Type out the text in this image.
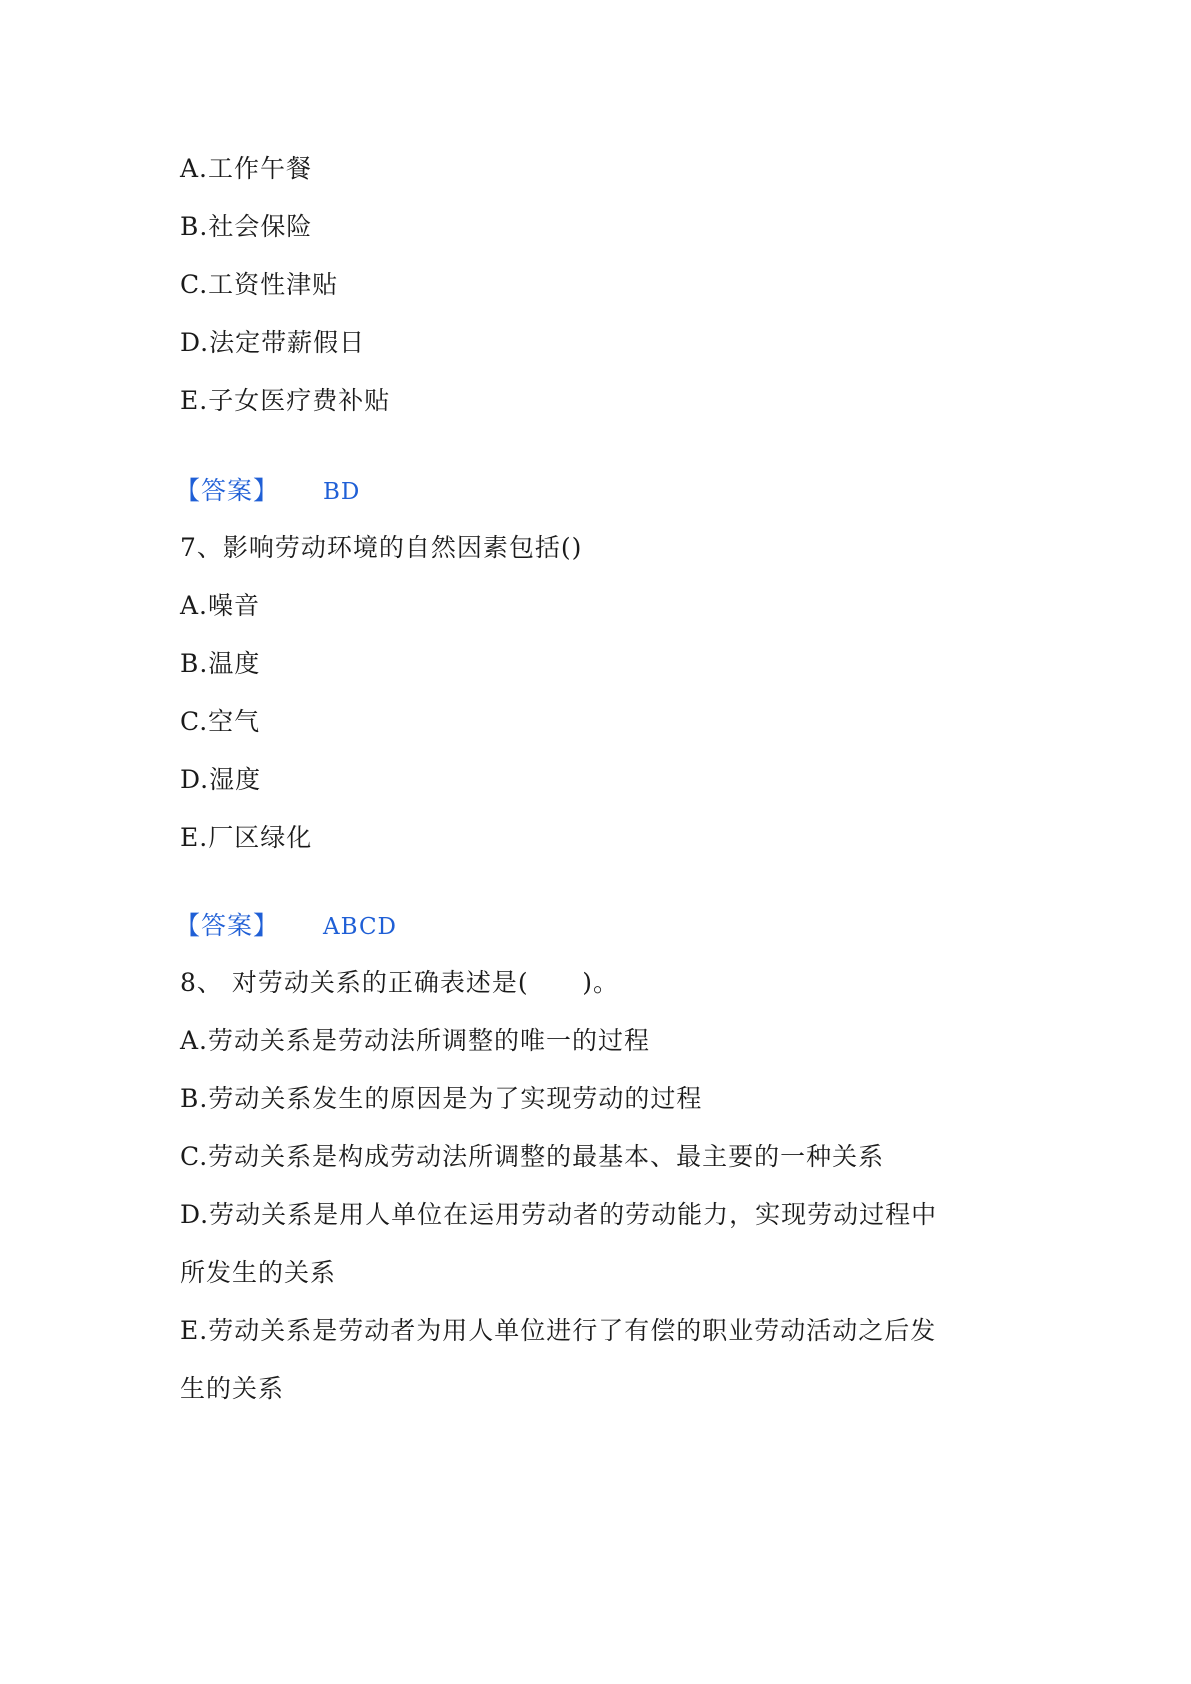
A.工作午餐
B.社会保险
C.工资性津贴
D.法定带薪假日
E.子女医疗费补贴
【答案】 BD
7、影响劳动环境的自然因素包括()
A.噪音
B.温度
C.空气
D.湿度
E.厂区绿化
【答案】 ABCD
8、 对劳动关系的正确表述是(      )。
A.劳动关系是劳动法所调整的唯一的过程
B.劳动关系发生的原因是为了实现劳动的过程
C.劳动关系是构成劳动法所调整的最基本、最主要的一种关系
D.劳动关系是用人单位在运用劳动者的劳动能力，实现劳动过程中
所发生的关系
E.劳动关系是劳动者为用人单位进行了有偿的职业劳动活动之后发
生的关系
